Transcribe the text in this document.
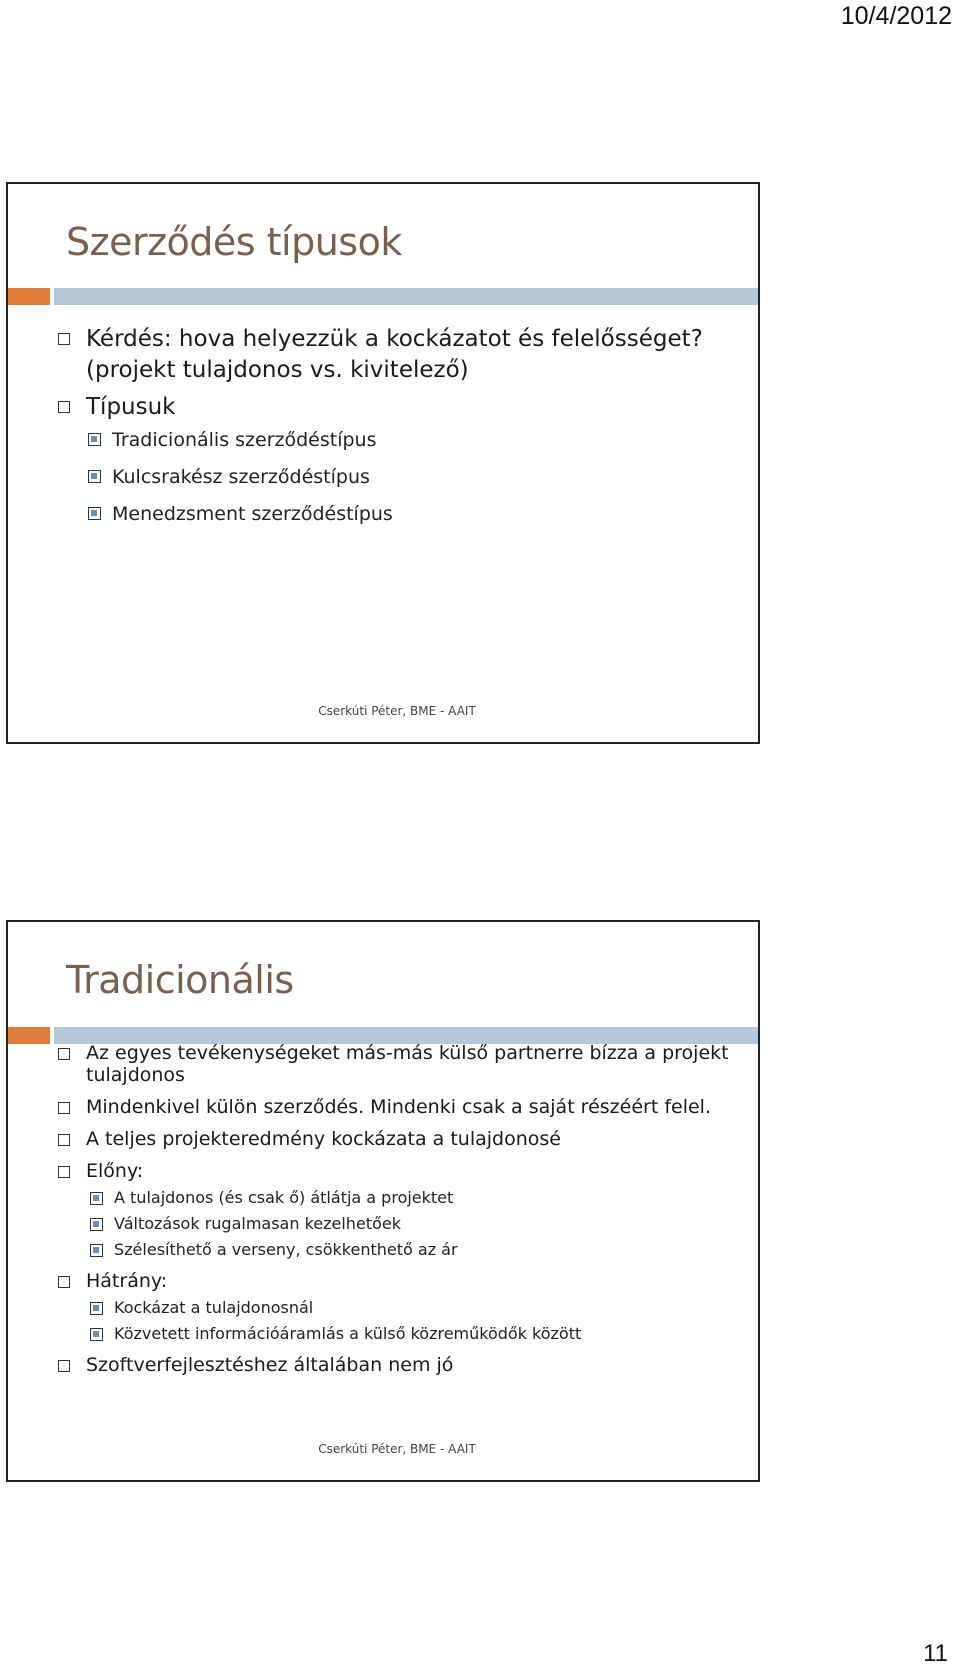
10/4/2012
Szerződés típusok
Kérdés: hova helyezzük a kockázatot és felelősséget? (projekt tulajdonos vs. kivitelező)
Típusuk
Tradicionális szerződéstípus
Kulcsrakész szerződéstípus
Menedzsment szerződéstípus
Cserkúti Péter, BME - AAIT
Tradicionális
Az egyes tevékenységeket más-más külső partnerre bízza a projekt tulajdonos
Mindenkivel külön szerződés. Mindenki csak a saját részéért felel.
A teljes projekteredmény kockázata a tulajdonosé
Előny:
A tulajdonos (és csak ő) átlátja a projektet
Változások rugalmasan kezelhetőek
Szélesíthető a verseny, csökkenthető az ár
Hátrány:
Kockázat a tulajdonosnál
Közvetett információáramlás a külső közreműködők között
Szoftverfejlesztéshez általában nem jó
Cserkúti Péter, BME - AAIT
11
